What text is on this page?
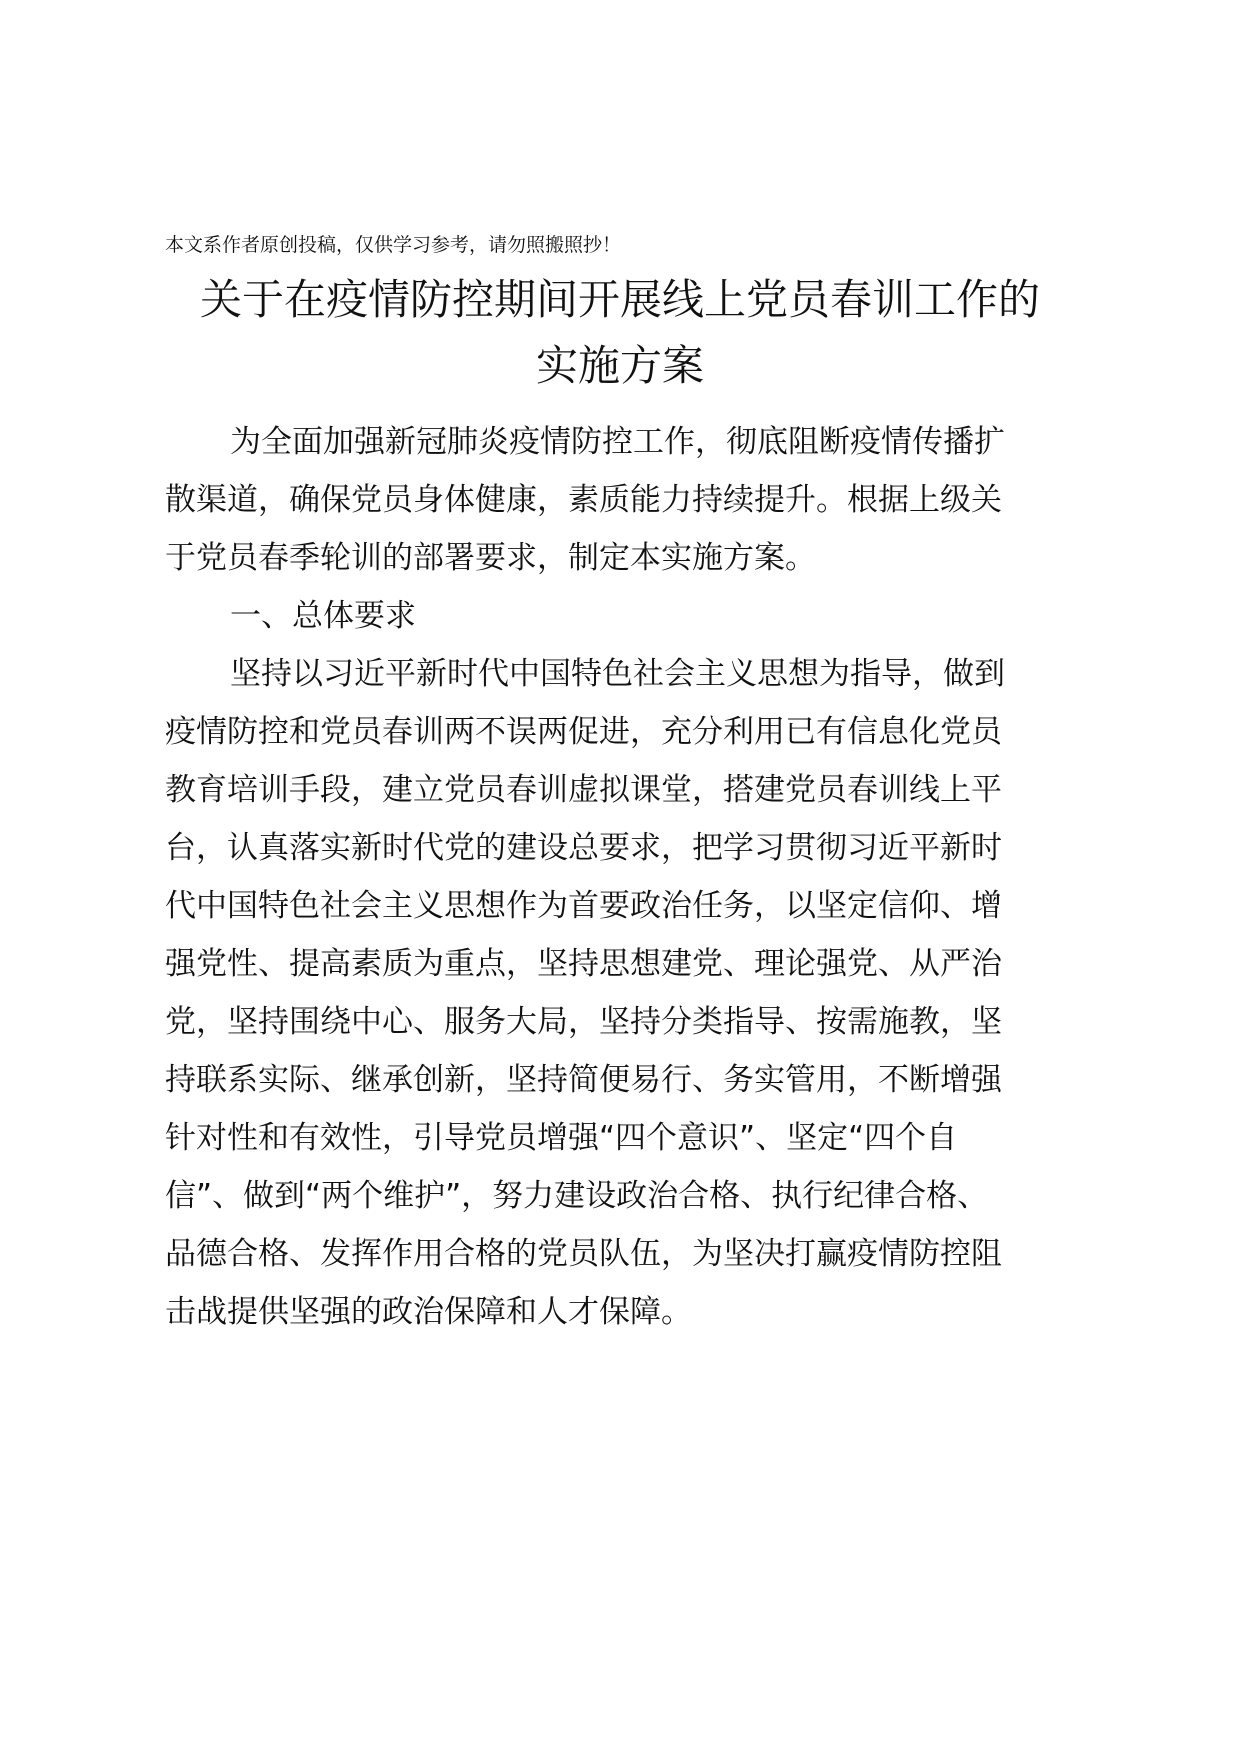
本文系作者原创投稿，仅供学习参考，请勿照搬照抄！
关于在疫情防控期间开展线上党员春训工作的
实施方案
为全面加强新冠肺炎疫情防控工作，彻底阻断疫情传播扩
散渠道，确保党员身体健康，素质能力持续提升。根据上级关
于党员春季轮训的部署要求，制定本实施方案。
一、总体要求
坚持以习近平新时代中国特色社会主义思想为指导，做到
疫情防控和党员春训两不误两促进，充分利用已有信息化党员
教育培训手段，建立党员春训虚拟课堂，搭建党员春训线上平
台，认真落实新时代党的建设总要求，把学习贯彻习近平新时
代中国特色社会主义思想作为首要政治任务，以坚定信仰、增
强党性、提高素质为重点，坚持思想建党、理论强党、从严治
党，坚持围绕中心、服务大局，坚持分类指导、按需施教，坚
持联系实际、继承创新，坚持简便易行、务实管用，不断增强
针对性和有效性，引导党员增强“四个意识”、坚定“四个自
信”、做到“两个维护”，努力建设政治合格、执行纪律合格、
品德合格、发挥作用合格的党员队伍，为坚决打赢疫情防控阻
击战提供坚强的政治保障和人才保障。
